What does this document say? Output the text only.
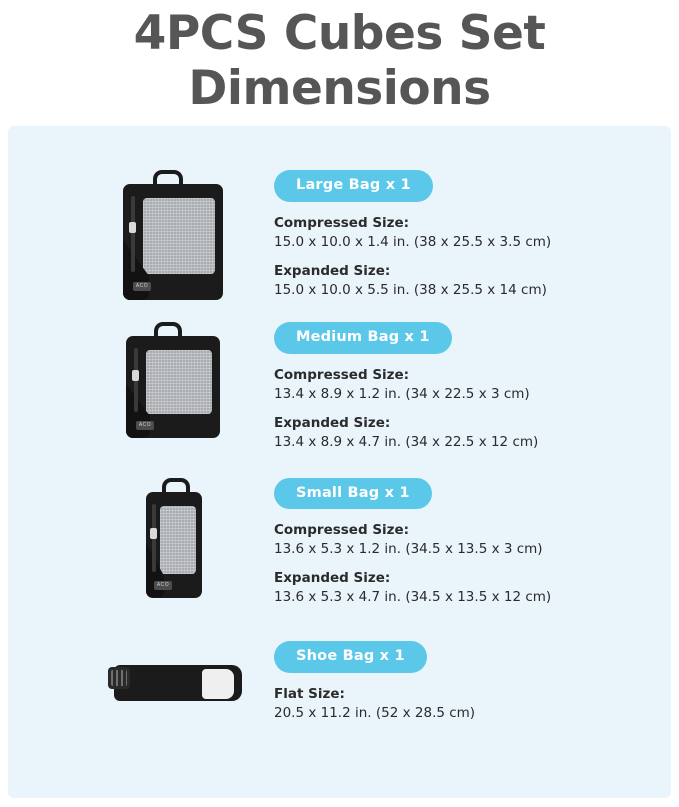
4PCS Cubes Set
Dimensions
ACO
Large Bag x 1
Compressed Size:
15.0 x 10.0 x 1.4 in. (38 x 25.5 x 3.5 cm)
Expanded Size:
15.0 x 10.0 x 5.5 in. (38 x 25.5 x 14 cm)
ACO
Medium Bag x 1
Compressed Size:
13.4 x 8.9 x 1.2 in. (34 x 22.5 x 3 cm)
Expanded Size:
13.4 x 8.9 x 4.7 in. (34 x 22.5 x 12 cm)
ACO
Small Bag x 1
Compressed Size:
13.6 x 5.3 x 1.2 in. (34.5 x 13.5 x 3 cm)
Expanded Size:
13.6 x 5.3 x 4.7 in. (34.5 x 13.5 x 12 cm)
Shoe Bag x 1
Flat Size:
20.5 x 11.2 in. (52 x 28.5 cm)
